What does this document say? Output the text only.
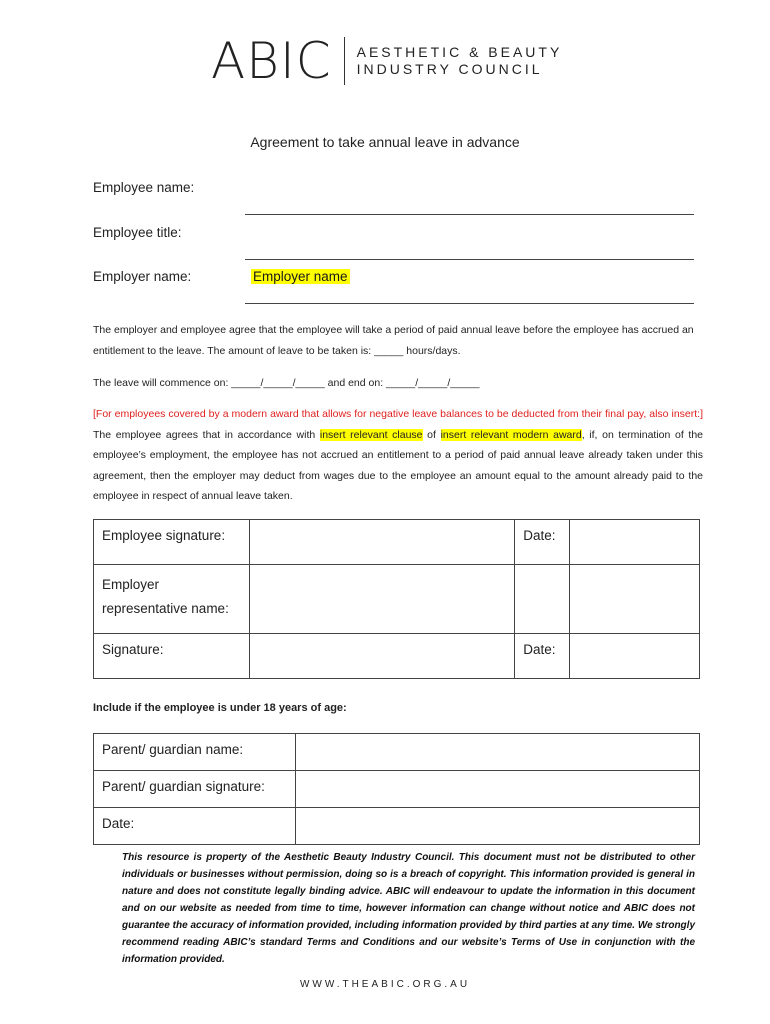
ABIC AESTHETIC & BEAUTY
INDUSTRY COUNCIL
Agreement to take annual leave in advance
Employee name:
Employee title:
Employer name:	Employer name
The employer and employee agree that the employee will take a period of paid annual leave before the employee has accrued an entitlement to the leave. The amount of leave to be taken is: _____ hours/days.
The leave will commence on: _____/_____/_____ and end on: _____/_____/_____
[For employees covered by a modern award that allows for negative leave balances to be deducted from their final pay, also insert:] The employee agrees that in accordance with insert relevant clause of insert relevant modern award, if, on termination of the employee’s employment, the employee has not accrued an entitlement to a period of paid annual leave already taken under this agreement, then the employer may deduct from wages due to the employee an amount equal to the amount already paid to the employee in respect of annual leave taken.
Employee signature:		Date:	

Employer
representative name:			

Signature:		Date:	
Include if the employee is under 18 years of age:
Parent/ guardian name:	
Parent/ guardian signature:	
Date:	
This resource is property of the Aesthetic Beauty Industry Council. This document must not be distributed to other individuals or businesses without permission, doing so is a breach of copyright. This information provided is general in nature and does not constitute legally binding advice. ABIC will endeavour to update the information in this document and on our website as needed from time to time, however information can change without notice and ABIC does not guarantee the accuracy of information provided, including information provided by third parties at any time. We strongly recommend reading ABIC’s standard Terms and Conditions and our website’s Terms of Use in conjunction with the information provided.
WWW.THEABIC.ORG.AU
